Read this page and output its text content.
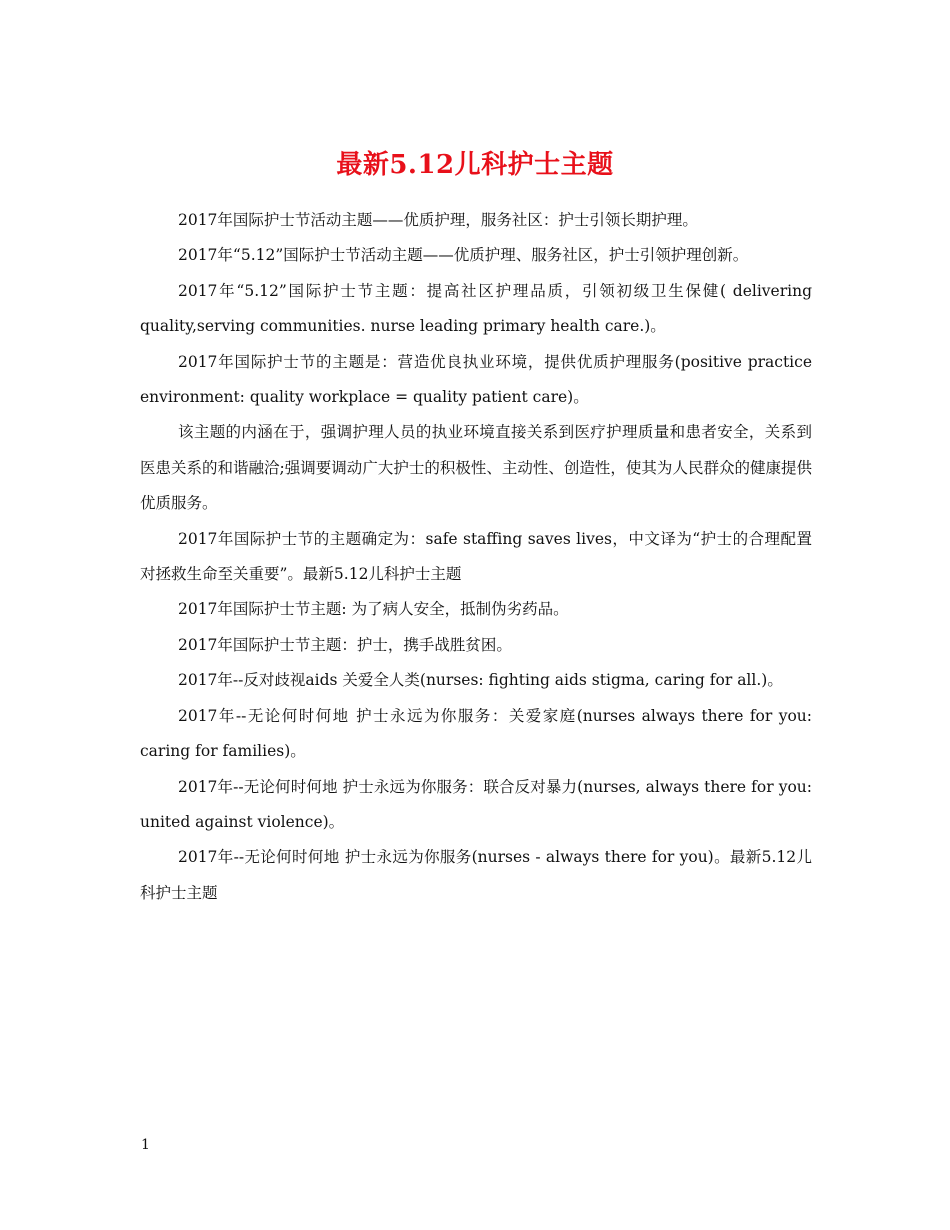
最新5.12儿科护士主题

2017年国际护士节活动主题——优质护理，服务社区：护士引领长期护理。

2017年“5.12”国际护士节活动主题——优质护理、服务社区，护士引领护理创新。

2017年“5.12”国际护士节主题：提高社区护理品质，引领初级卫生保健( delivering quality,serving communities. nurse leading primary health care.)。

2017年国际护士节的主题是：营造优良执业环境，提供优质护理服务(positive practice environment: quality workplace = quality patient care)。

该主题的内涵在于，强调护理人员的执业环境直接关系到医疗护理质量和患者安全，关系到医患关系的和谐融洽;强调要调动广大护士的积极性、主动性、创造性，使其为人民群众的健康提供优质服务。

2017年国际护士节的主题确定为：safe staffing saves lives，中文译为“护士的合理配置对拯救生命至关重要”。最新5.12儿科护士主题

2017年国际护士节主题: 为了病人安全，抵制伪劣药品。

2017年国际护士节主题：护士，携手战胜贫困。

2017年--反对歧视aids 关爱全人类(nurses: fighting aids stigma, caring for all.)。

2017年--无论何时何地 护士永远为你服务：关爱家庭(nurses always there for you: caring for families)。

2017年--无论何时何地 护士永远为你服务：联合反对暴力(nurses, always there for you: united against violence)。

2017年--无论何时何地 护士永远为你服务(nurses - always there for you)。最新5.12儿科护士主题

1
